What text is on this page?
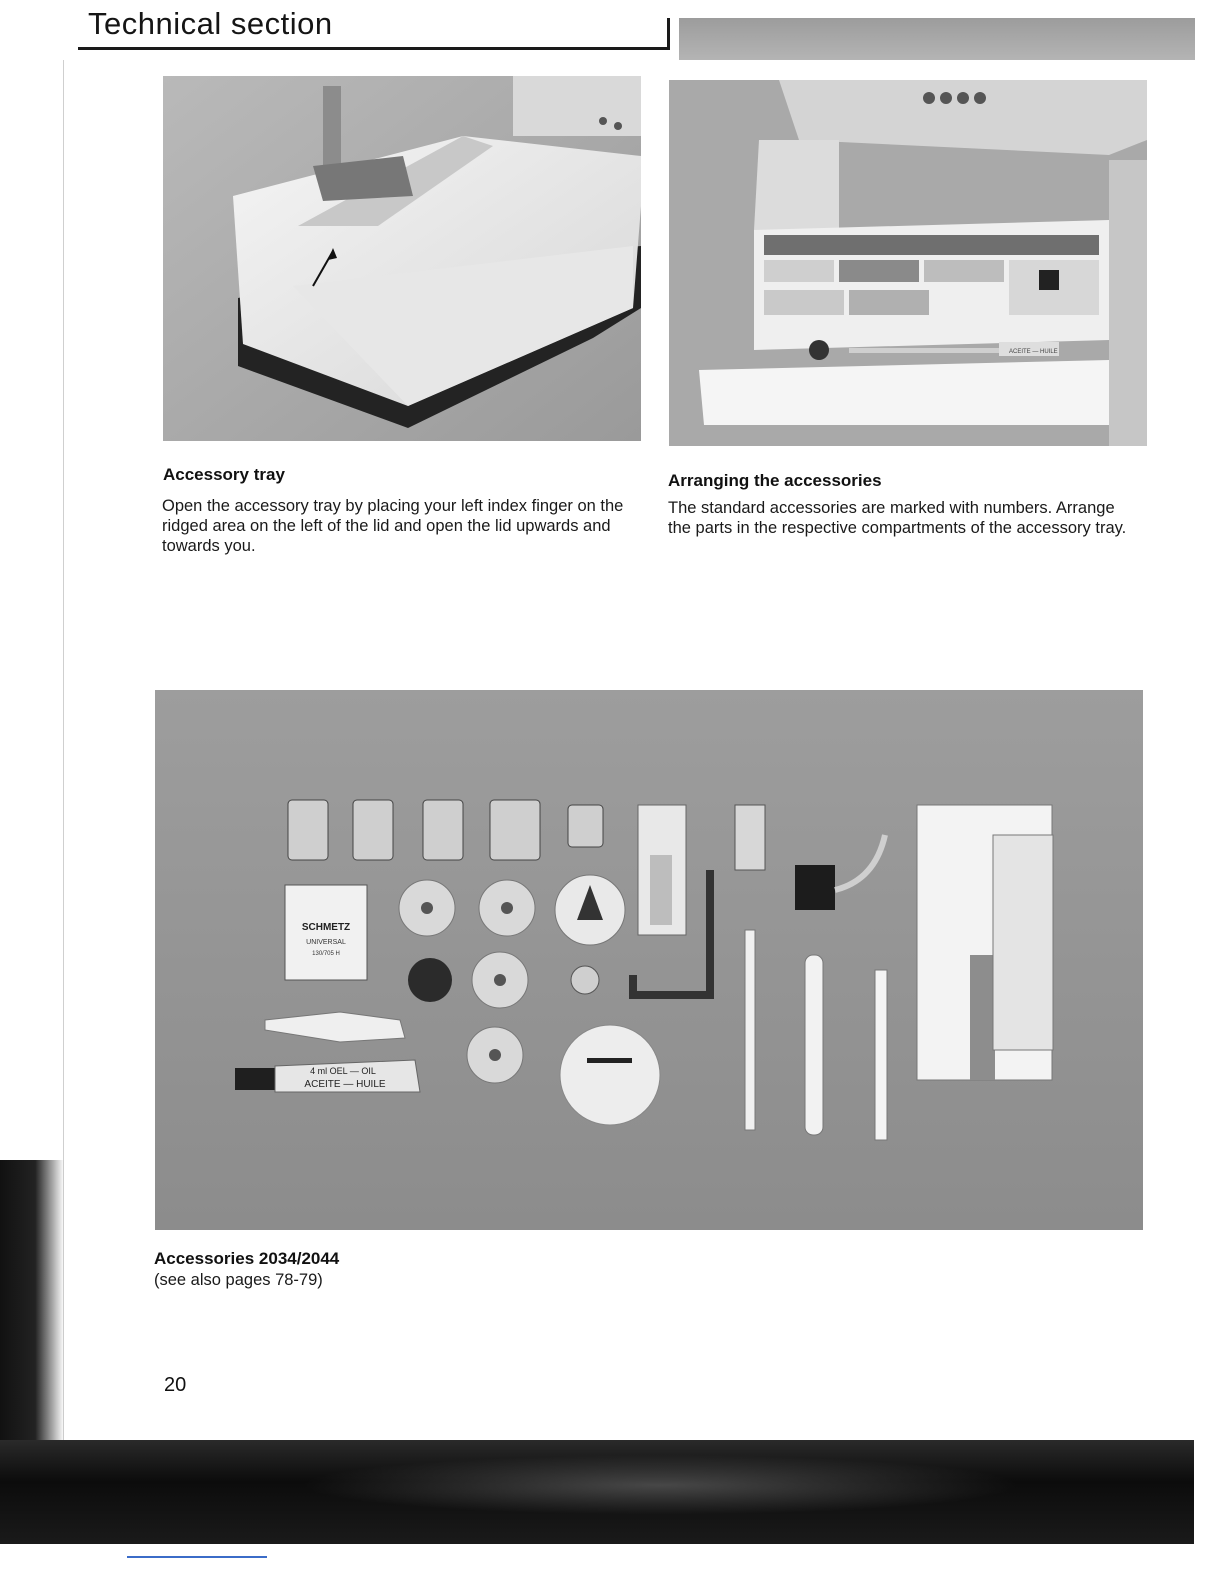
Technical section
ACEITE — HUILE
Accessory tray
Open the accessory tray by placing your left index finger on the ridged area on the left of the lid and open the lid upwards and towards you.
Arranging the accessories
The standard accessories are marked with numbers. Arrange the parts in the respective compartments of the accessory tray.
SCHMETZ
UNIVERSAL
130/705 H
4 ml OEL — OIL
ACEITE — HUILE
Accessories 2034/2044
(see also pages 78-79)
20
